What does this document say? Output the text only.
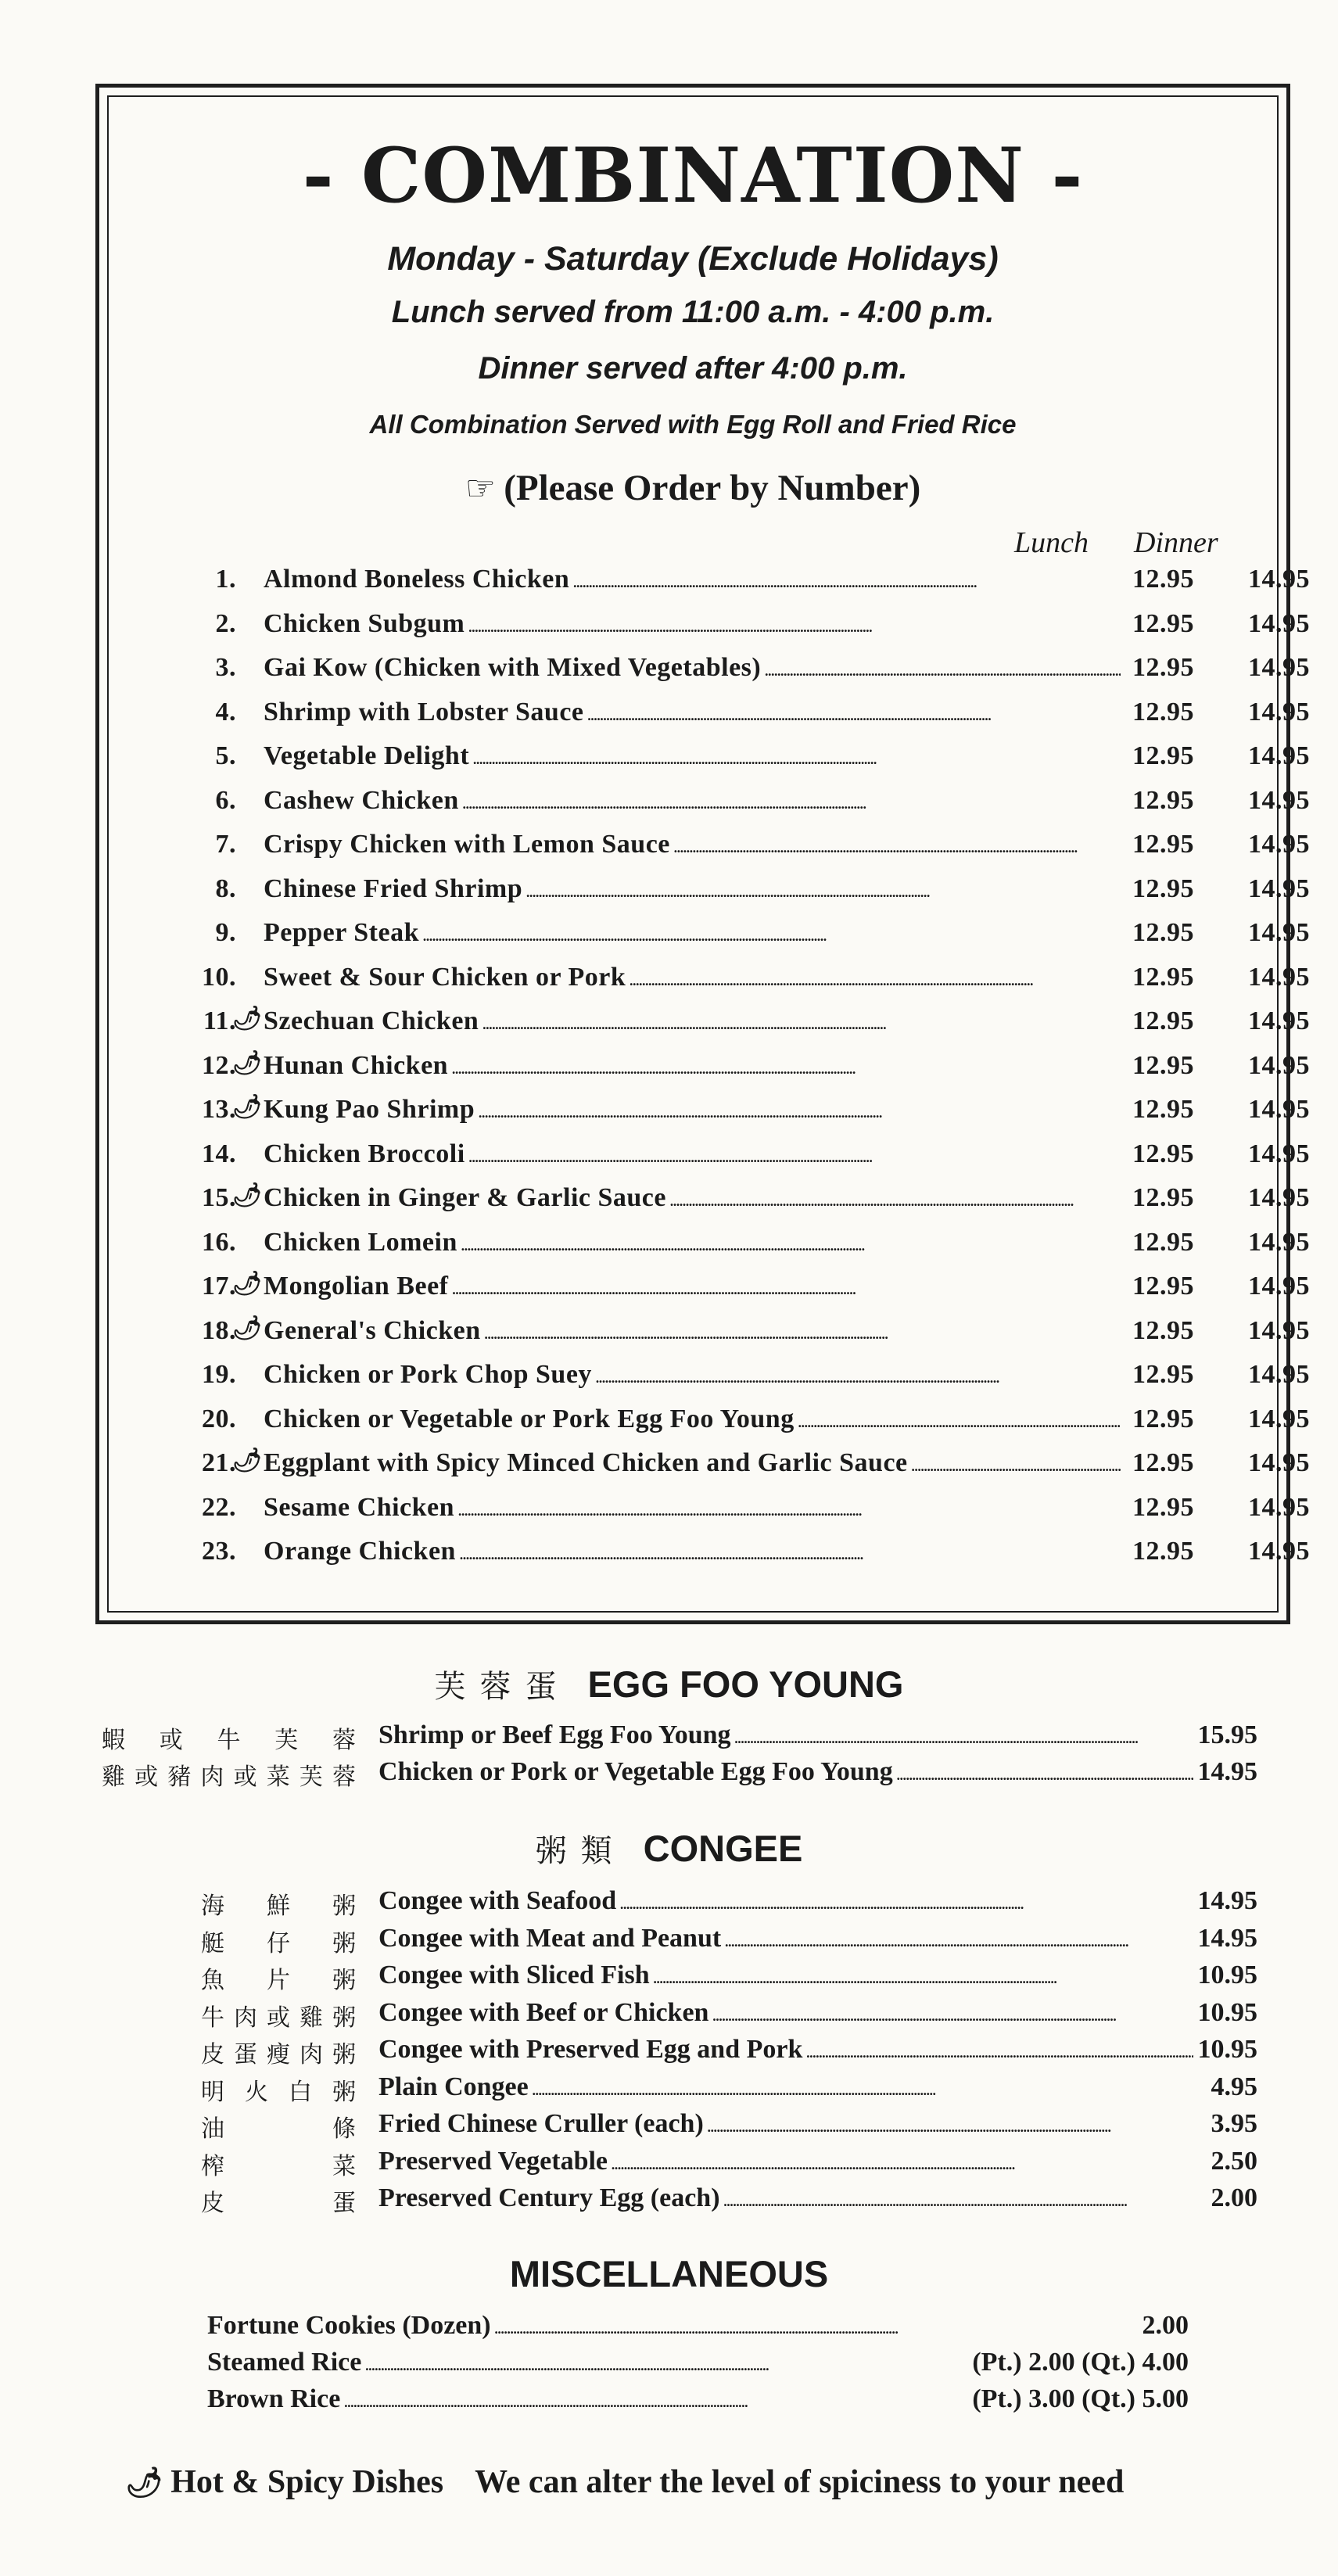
- COMBINATION -
Monday - Saturday (Exclude Holidays)
Lunch served from 11:00 a.m. - 4:00 p.m.
Dinner served after 4:00 p.m.
All Combination Served with Egg Roll and Fried Rice
☞ (Please Order by Number)
Lunch Dinner
1. Almond Boneless Chicken . . .	12.95	14.95
2. Chicken Subgum . . .	12.95	14.95
3. Gai Kow (Chicken with Mixed Vegetables) . . .	12.95	14.95
4. Shrimp with Lobster Sauce . . .	12.95	14.95
5. Vegetable Delight . . .	12.95	14.95
6. Cashew Chicken . . .	12.95	14.95
7. Crispy Chicken with Lemon Sauce . . .	12.95	14.95
8. Chinese Fried Shrimp . . .	12.95	14.95
9. Pepper Steak . . .	12.95	14.95
10. Sweet & Sour Chicken or Pork . . .	12.95	14.95
11.
🌶 Szechuan Chicken . . .	12.95	14.95
12.
🌶 Hunan Chicken . . .	12.95	14.95
13.
🌶 Kung Pao Shrimp . . .	12.95	14.95
14. Chicken Broccoli . . .	12.95	14.95
15.
🌶 Chicken in Ginger & Garlic Sauce . . .	12.95	14.95
16. Chicken Lomein . . .	12.95	14.95
17.
🌶 Mongolian Beef . . .	12.95	14.95
18.
🌶 General's Chicken . . .	12.95	14.95
19. Chicken or Pork Chop Suey . . .	12.95	14.95
20. Chicken or Vegetable or Pork Egg Foo Young . . .	12.95	14.95
21.
🌶 Eggplant with Spicy Minced Chicken and Garlic Sauce . . .	12.95	14.95
22. Sesame Chicken . . .	12.95	14.95
23. Orange Chicken . . .	12.95	14.95
芙蓉蛋 EGG FOO YOUNG
蝦或牛芙蓉 Shrimp or Beef Egg Foo Young . . .	15.95
雞或豬肉或菜芙蓉 Chicken or Pork or Vegetable Egg Foo Young . . .	14.95
粥類 CONGEE
海鮮粥 Congee with Seafood . . .	14.95
艇仔粥 Congee with Meat and Peanut . . .	14.95
魚片粥 Congee with Sliced Fish . . .	10.95
牛肉或雞粥 Congee with Beef or Chicken . . .	10.95
皮蛋瘦肉粥 Congee with Preserved Egg and Pork . . .	10.95
明火白粥 Plain Congee . . .	4.95
油條 Fried Chinese Cruller (each) . . .	3.95
榨菜 Preserved Vegetable . . .	2.50
皮蛋 Preserved Century Egg (each) . . .	2.00
MISCELLANEOUS
Fortune Cookies (Dozen) . . .	2.00
Steamed Rice . . .	(Pt.) 2.00 (Qt.) 4.00
Brown Rice . . .	(Pt.) 3.00 (Qt.) 5.00
🌶 Hot & Spicy Dishes We can alter the level of spiciness to your need
